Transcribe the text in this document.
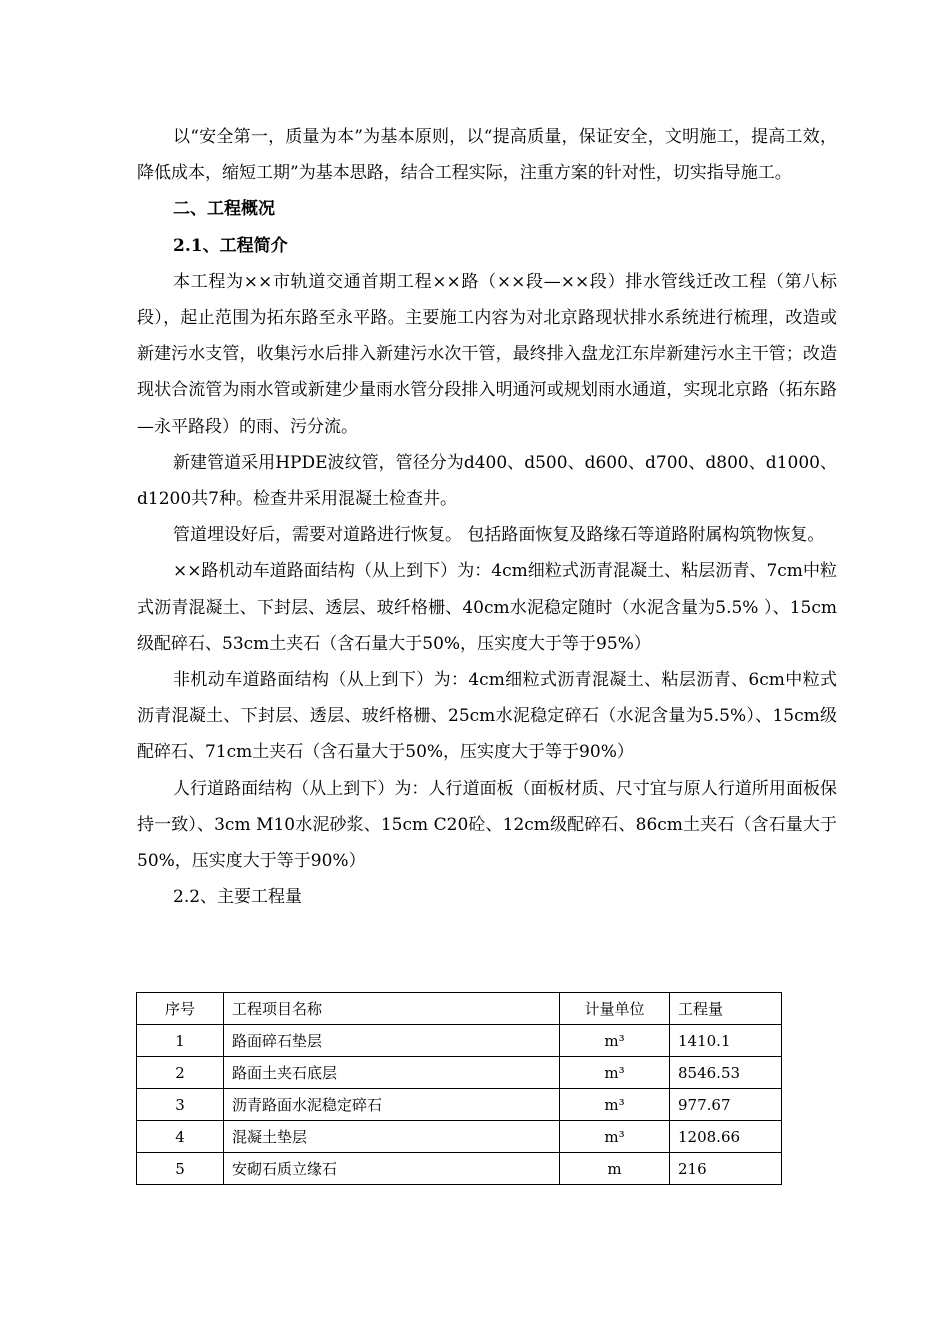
以“安全第一，质量为本”为基本原则，以“提高质量，保证安全，文明施工，提高工效，降低成本，缩短工期”为基本思路，结合工程实际，注重方案的针对性，切实指导施工。

二、工程概况

2.1、工程简介

本工程为××市轨道交通首期工程××路（××段—××段）排水管线迁改工程（第八标段），起止范围为拓东路至永平路。主要施工内容为对北京路现状排水系统进行梳理，改造或新建污水支管，收集污水后排入新建污水次干管，最终排入盘龙江东岸新建污水主干管；改造现状合流管为雨水管或新建少量雨水管分段排入明通河或规划雨水通道，实现北京路（拓东路—永平路段）的雨、污分流。

新建管道采用HPDE波纹管，管径分为d400、d500、d600、d700、d800、d1000、d1200共7种。检查井采用混凝土检查井。

管道埋设好后，需要对道路进行恢复。 包括路面恢复及路缘石等道路附属构筑物恢复。

××路机动车道路面结构（从上到下）为：4cm细粒式沥青混凝土、粘层沥青、7cm中粒式沥青混凝土、下封层、透层、玻纤格栅、40cm水泥稳定随时（水泥含量为5.5% ）、15cm级配碎石、53cm土夹石（含石量大于50%，压实度大于等于95%）

非机动车道路面结构（从上到下）为：4cm细粒式沥青混凝土、粘层沥青、6cm中粒式沥青混凝土、下封层、透层、玻纤格栅、25cm水泥稳定碎石（水泥含量为5.5%）、15cm级配碎石、71cm土夹石（含石量大于50%，压实度大于等于90%）

人行道路面结构（从上到下）为：人行道面板（面板材质、尺寸宜与原人行道所用面板保持一致）、3cm M10水泥砂浆、15cm C20砼、12cm级配碎石、86cm土夹石（含石量大于50%，压实度大于等于90%）

2.2、主要工程量

序号	工程项目名称	计量单位	工程量
1	路面碎石垫层	m³	1410.1
2	路面土夹石底层	m³	8546.53
3	沥青路面水泥稳定碎石	m³	977.67
4	混凝土垫层	m³	1208.66
5	安砌石质立缘石	m	216
